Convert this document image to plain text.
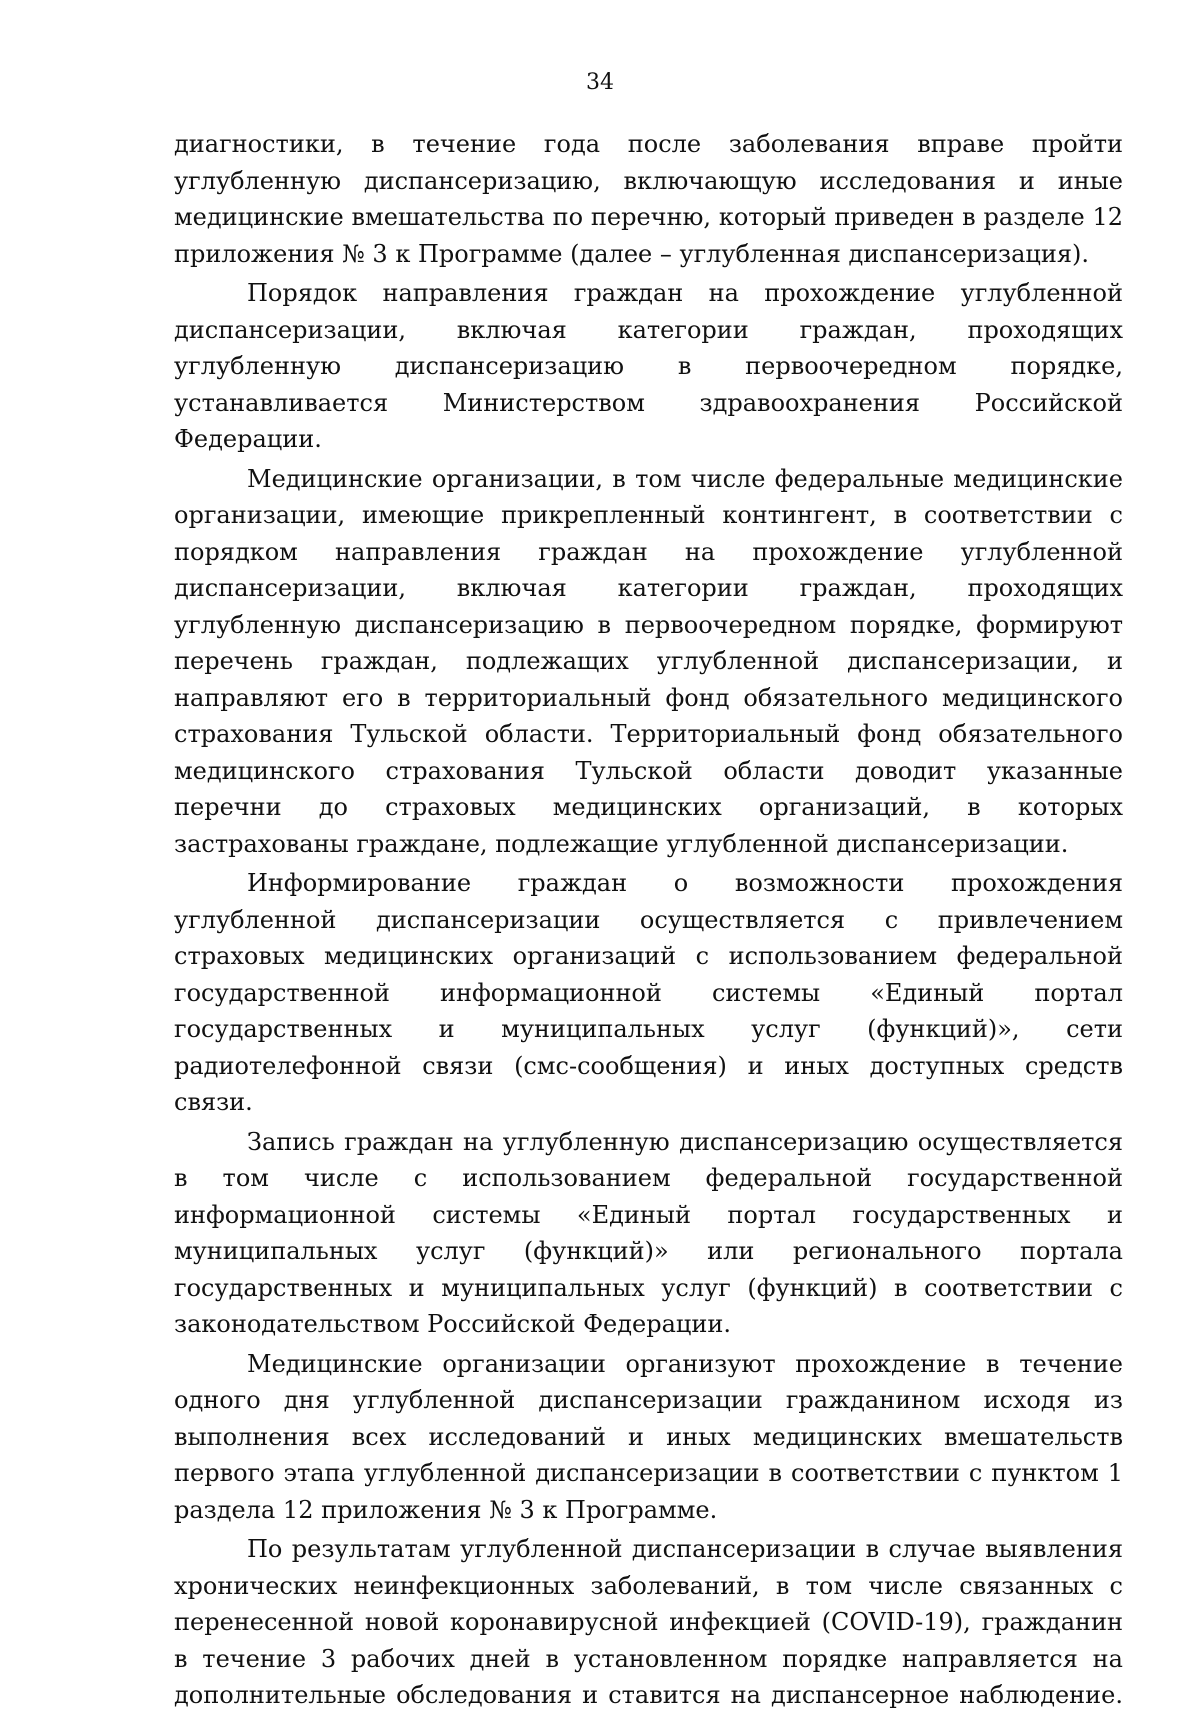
34

диагностики, в течение года после заболевания вправе пройти углубленную диспансеризацию, включающую исследования и иные медицинские вмешательства по перечню, который приведен в разделе 12 приложения № 3 к Программе (далее – углубленная диспансеризация).

Порядок направления граждан на прохождение углубленной диспансеризации, включая категории граждан, проходящих углубленную диспансеризацию в первоочередном порядке, устанавливается Министерством здравоохранения Российской Федерации.

Медицинские организации, в том числе федеральные медицинские организации, имеющие прикрепленный контингент, в соответствии с порядком направления граждан на прохождение углубленной диспансеризации, включая категории граждан, проходящих углубленную диспансеризацию в первоочередном порядке, формируют перечень граждан, подлежащих углубленной диспансеризации, и направляют его в территориальный фонд обязательного медицинского страхования Тульской области. Территориальный фонд обязательного медицинского страхования Тульской области доводит указанные перечни до страховых медицинских организаций, в которых застрахованы граждане, подлежащие углубленной диспансеризации.

Информирование граждан о возможности прохождения углубленной диспансеризации осуществляется с привлечением страховых медицинских организаций с использованием федеральной государственной информационной системы «Единый портал государственных и муниципальных услуг (функций)», сети радиотелефонной связи (смс-сообщения) и иных доступных средств связи.

Запись граждан на углубленную диспансеризацию осуществляется в том числе с использованием федеральной государственной информационной системы «Единый портал государственных и муниципальных услуг (функций)» или регионального портала государственных и муниципальных услуг (функций) в соответствии с законодательством Российской Федерации.

Медицинские организации организуют прохождение в течение одного дня углубленной диспансеризации гражданином исходя из выполнения всех исследований и иных медицинских вмешательств первого этапа углубленной диспансеризации в соответствии с пунктом 1 раздела 12 приложения № 3 к Программе.

По результатам углубленной диспансеризации в случае выявления хронических неинфекционных заболеваний, в том числе связанных с перенесенной новой коронавирусной инфекцией (COVID-19), гражданин в течение 3 рабочих дней в установленном порядке направляется на дополнительные обследования и ставится на диспансерное наблюдение.
